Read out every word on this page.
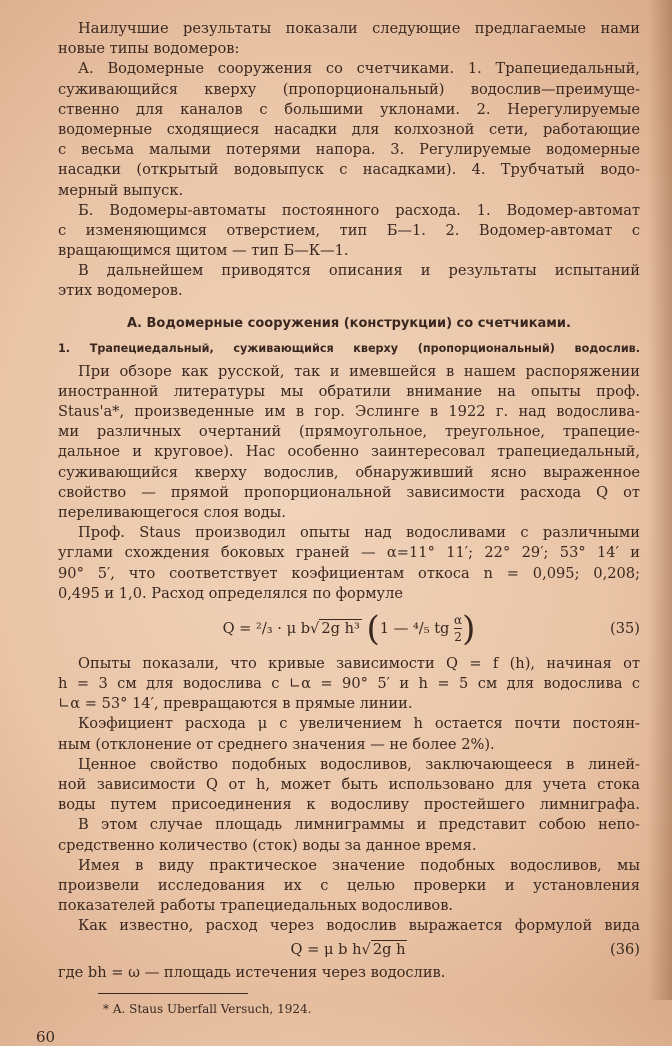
Наилучшие результаты показали следующие предлагаемые нами
новые типы водомеров:
А. Водомерные сооружения со счетчиками. 1. Трапециедальный,
суживающийся кверху (пропорциональный) водослив—преимуще-
ственно для каналов с большими уклонами. 2. Нерегулируемые
водомерные сходящиеся насадки для колхозной сети, работающие
с весьма малыми потерями напора. 3. Регулируемые водомерные
насадки (открытый водовыпуск с насадками). 4. Трубчатый водо-
мерный выпуск.
Б. Водомеры-автоматы постоянного расхода. 1. Водомер-автомат
с изменяющимся отверстием, тип Б—1. 2. Водомер-автомат с
вращающимся щитом — тип Б—К—1.
В дальнейшем приводятся описания и результаты испытаний
этих водомеров.
А. Водомерные сооружения (конструкции) со счетчиками.
1. Трапециедальный, суживающийся кверху (пропорциональный) водослив.
При обзоре как русской, так и имевшейся в нашем распоряжении
иностранной литературы мы обратили внимание на опыты проф.
Staus'а*, произведенные им в гор. Эслинге в 1922 г. над водослива-
ми различных очертаний (прямоугольное, треугольное, трапецие-
дальное и круговое). Нас особенно заинтересовал трапециедальный,
суживающийся кверху водослив, обнаруживший ясно выраженное
свойство — прямой пропорциональной зависимости расхода Q от
переливающегося слоя воды.
Проф. Staus производил опыты над водосливами с различными
углами схождения боковых граней — α=11° 11′; 22° 29′; 53° 14′ и
90° 5′, что соответствует коэфициентам откоса n = 0,095; 0,208;
0,495 и 1,0. Расход определялся по формуле
Q = ²/₃ · μ b√ 2g h³ (1 — ⁴/₅ tg $\frac{\alpha}{2}$ )	(35)
Опыты показали, что кривые зависимости Q = f (h), начиная от
h = 3 см для водослива с ∟α = 90° 5′ и h = 5 см для водослива с
∟α = 53° 14′, превращаются в прямые линии.
Коэфициент расхода μ с увеличением h остается почти постоян-
ным (отклонение от среднего значения — не более 2%).
Ценное свойство подобных водосливов, заключающееся в линей-
ной зависимости Q от h, может быть использовано для учета стока
воды путем присоединения к водосливу простейшего лимниграфа.
В этом случае площадь лимниграммы и представит собою непо-
средственно количество (сток) воды за данное время.
Имея в виду практическое значение подобных водосливов, мы
произвели исследования их с целью проверки и установления
показателей работы трапециедальных водосливов.
Как известно, расход через водослив выражается формулой вида
Q = μ b h√ 2g h	(36)
где bh = ω — площадь истечения через водослив.
* A. Staus Uberfall Versuch, 1924.
60
